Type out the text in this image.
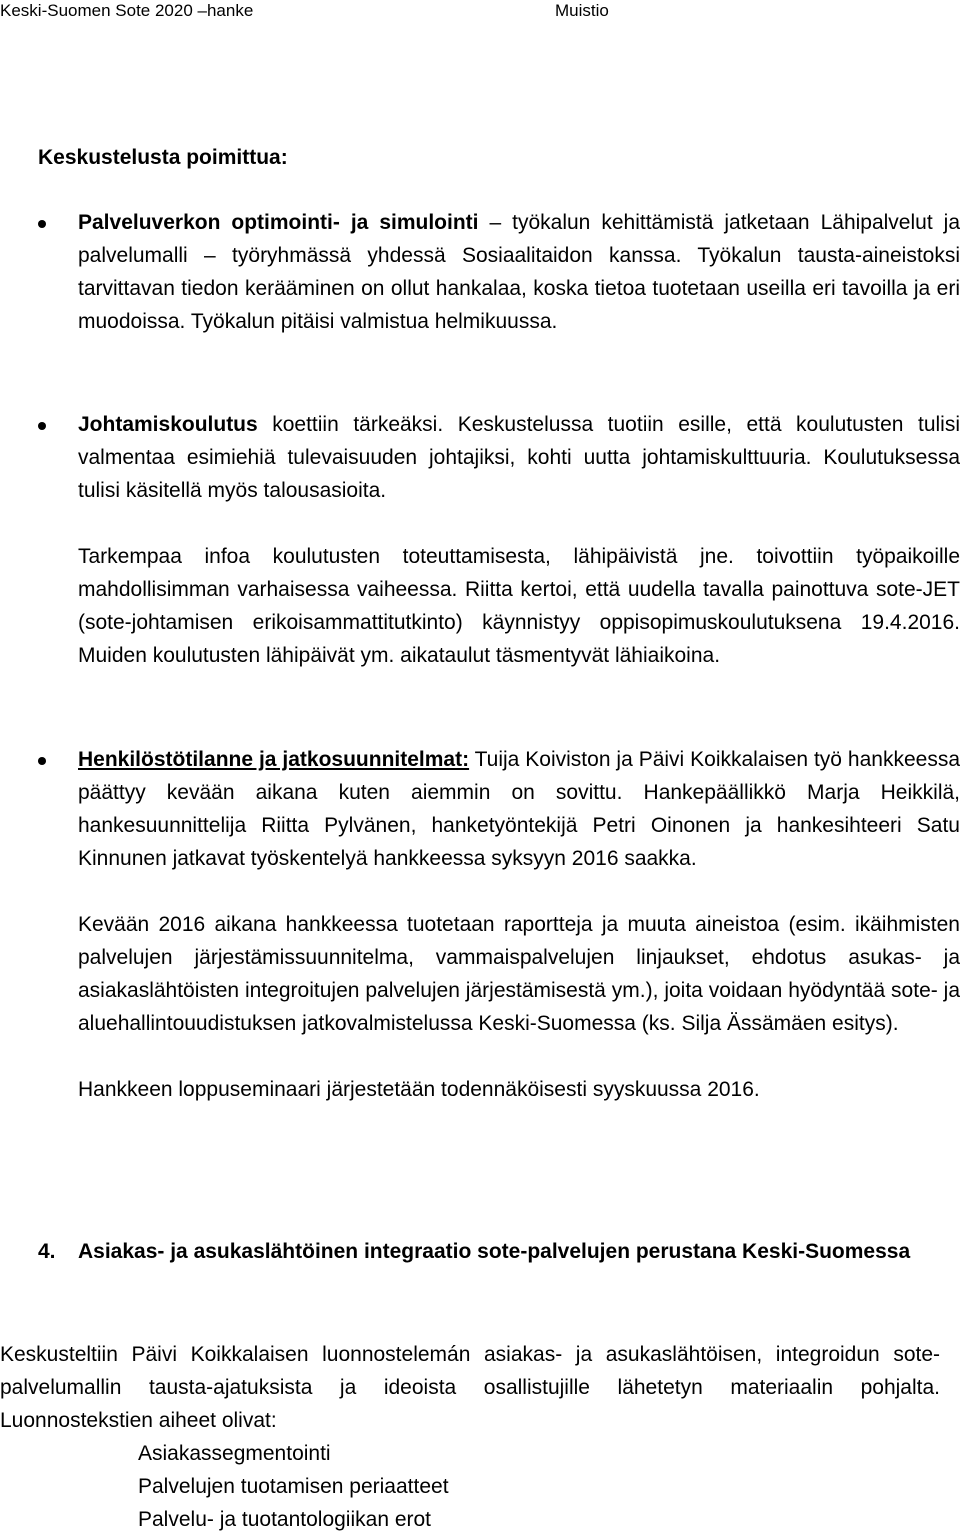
Keski-Suomen Sote 2020 –hanke	Muistio
Keskustelusta poimittua:

Palveluverkon optimointi- ja simulointi – työkalun kehittämistä jatketaan Lähipalvelut ja palvelumalli – työryhmässä yhdessä Sosiaalitaidon kanssa. Työkalun tausta-aineistoksi tarvittavan tiedon kerääminen on ollut hankalaa, koska tietoa tuotetaan useilla eri tavoilla ja eri muodoissa. Työkalun pitäisi valmistua helmikuussa.

Johtamiskoulutus koettiin tärkeäksi. Keskustelussa tuotiin esille, että koulutusten tulisi valmentaa esimiehiä tulevaisuuden johtajiksi, kohti uutta johtamiskulttuuria. Koulutuksessa tulisi käsitellä myös talousasioita.

Tarkempaa infoa koulutusten toteuttamisesta, lähipäivistä jne. toivottiin työpaikoille mahdollisimman varhaisessa vaiheessa. Riitta kertoi, että uudella tavalla painottuva sote-JET (sote-johtamisen erikoisammattitutkinto) käynnistyy oppisopimuskoulutuksena 19.4.2016. Muiden koulutusten lähipäivät ym. aikataulut täsmentyvät lähiaikoina.

Henkilöstötilanne ja jatkosuunnitelmat: Tuija Koiviston ja Päivi Koikkalaisen työ hankkeessa päättyy kevään aikana kuten aiemmin on sovittu. Hankepäällikkö Marja Heikkilä, hankesuunnittelija Riitta Pylvänen, hanketyöntekijä Petri Oinonen ja hankesihteeri Satu Kinnunen jatkavat työskentelyä hankkeessa syksyyn 2016 saakka.

Kevään 2016 aikana hankkeessa tuotetaan raportteja ja muuta aineistoa (esim. ikäihmisten palvelujen järjestämissuunnitelma, vammaispalvelujen linjaukset, ehdotus asukas- ja asiakaslähtöisten integroitujen palvelujen järjestämisestä ym.), joita voidaan hyödyntää sote- ja aluehallintouudistuksen jatkovalmistelussa Keski-Suomessa (ks. Silja Ässämäen esitys).

Hankkeen loppuseminaari järjestetään todennäköisesti syyskuussa 2016.

4. Asiakas- ja asukaslähtöinen integraatio sote-palvelujen perustana Keski-Suomessa

Keskusteltiin Päivi Koikkalaisen luonnostelemán asiakas- ja asukaslähtöisen, integroidun sote-palvelumallin tausta-ajatuksista ja ideoista osallistujille lähetetyn materiaalin pohjalta. Luonnostekstien aiheet olivat:

Asiakassegmentointi
Palvelujen tuotamisen periaatteet
Palvelu- ja tuotantologiikan erot
